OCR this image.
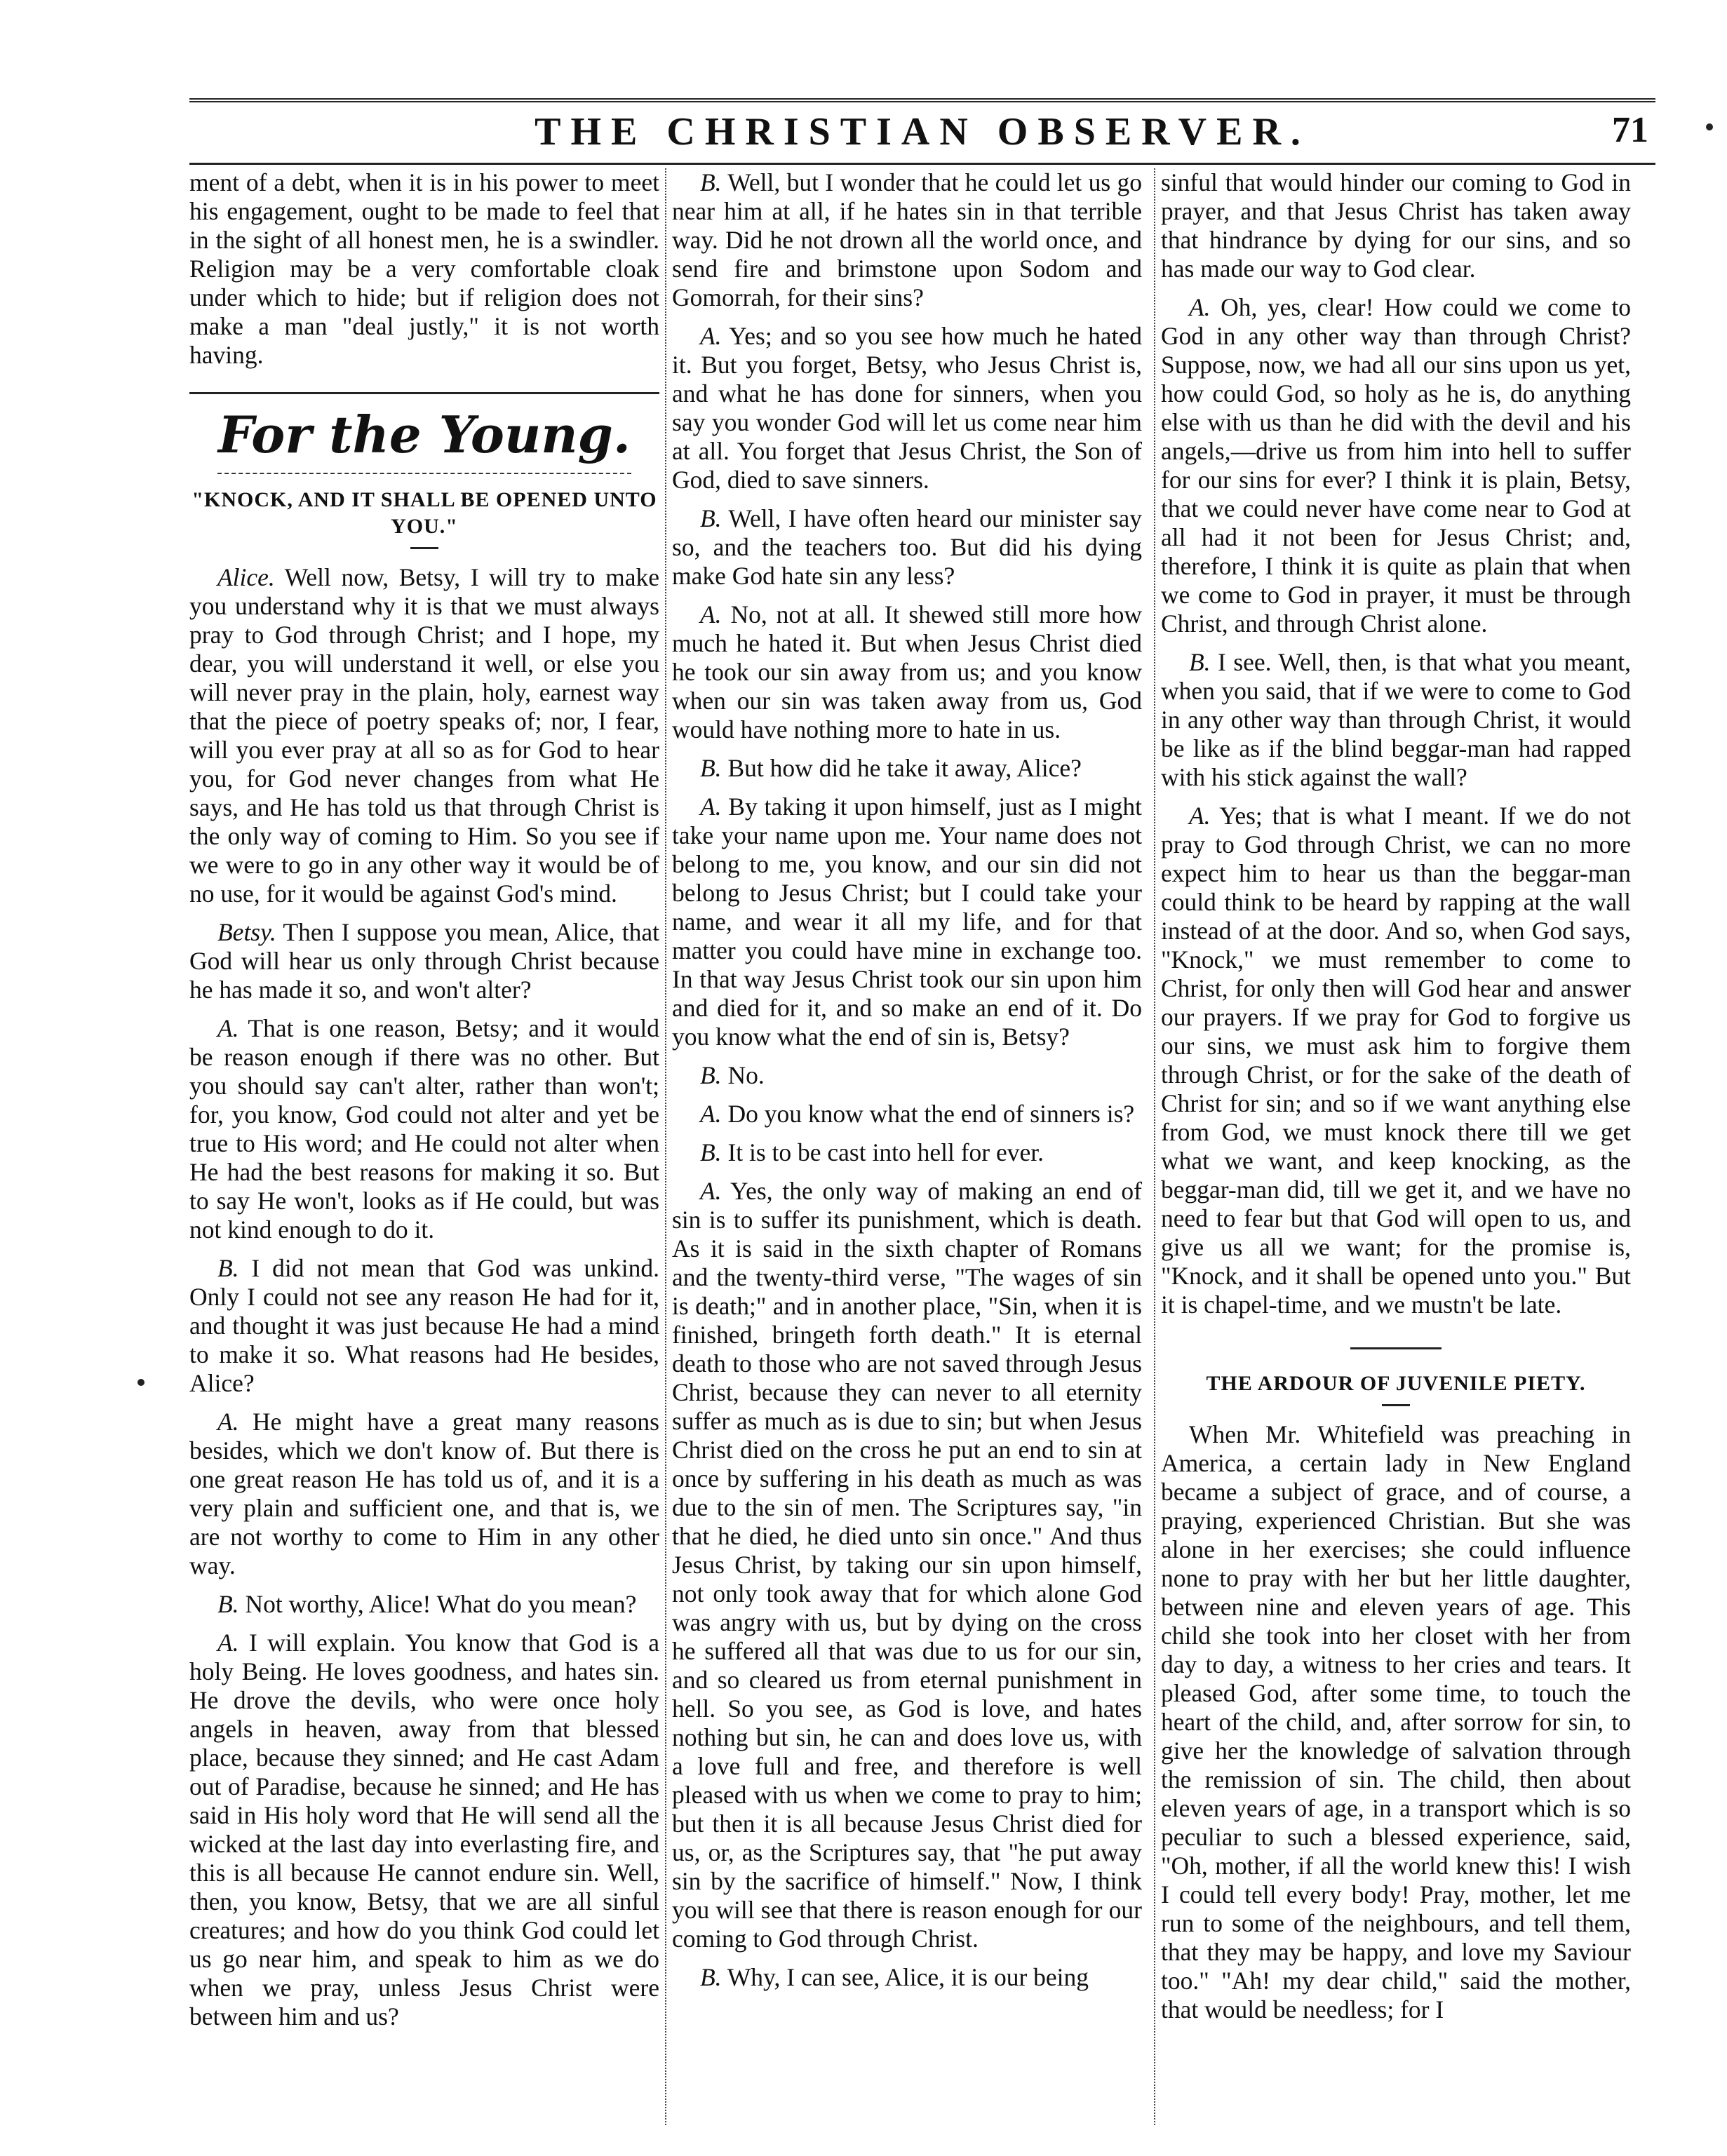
THE CHRISTIAN OBSERVER.	71

ment of a debt, when it is in his power to meet his engagement, ought to be made to feel that in the sight of all honest men, he is a swindler. Religion may be a very comfortable cloak under which to hide; but if religion does not make a man "deal justly," it is not worth having.

For the Young.
"KNOCK, AND IT SHALL BE OPENED UNTO YOU."

Alice. Well now, Betsy, I will try to make you understand why it is that we must always pray to God through Christ; and I hope, my dear, you will understand it well, or else you will never pray in the plain, holy, earnest way that the piece of poetry speaks of; nor, I fear, will you ever pray at all so as for God to hear you, for God never changes from what He says, and He has told us that through Christ is the only way of coming to Him. So you see if we were to go in any other way it would be of no use, for it would be against God's mind.

Betsy. Then I suppose you mean, Alice, that God will hear us only through Christ because he has made it so, and won't alter?

A. That is one reason, Betsy; and it would be reason enough if there was no other. But you should say can't alter, rather than won't; for, you know, God could not alter and yet be true to His word; and He could not alter when He had the best reasons for making it so. But to say He won't, looks as if He could, but was not kind enough to do it.

B. I did not mean that God was unkind. Only I could not see any reason He had for it, and thought it was just because He had a mind to make it so. What reasons had He besides, Alice?

A. He might have a great many reasons besides, which we don't know of. But there is one great reason He has told us of, and it is a very plain and sufficient one, and that is, we are not worthy to come to Him in any other way.

B. Not worthy, Alice! What do you mean?

A. I will explain. You know that God is a holy Being. He loves goodness, and hates sin. He drove the devils, who were once holy angels in heaven, away from that blessed place, because they sinned; and He cast Adam out of Paradise, because he sinned; and He has said in His holy word that He will send all the wicked at the last day into everlasting fire, and this is all because He cannot endure sin. Well, then, you know, Betsy, that we are all sinful creatures; and how do you think God could let us go near him, and speak to him as we do when we pray, unless Jesus Christ were between him and us?

B. Well, but I wonder that he could let us go near him at all, if he hates sin in that terrible way. Did he not drown all the world once, and send fire and brimstone upon Sodom and Gomorrah, for their sins?

A. Yes; and so you see how much he hated it. But you forget, Betsy, who Jesus Christ is, and what he has done for sinners, when you say you wonder God will let us come near him at all. You forget that Jesus Christ, the Son of God, died to save sinners.

B. Well, I have often heard our minister say so, and the teachers too. But did his dying make God hate sin any less?

A. No, not at all. It shewed still more how much he hated it. But when Jesus Christ died he took our sin away from us; and you know when our sin was taken away from us, God would have nothing more to hate in us.

B. But how did he take it away, Alice?

A. By taking it upon himself, just as I might take your name upon me. Your name does not belong to me, you know, and our sin did not belong to Jesus Christ; but I could take your name, and wear it all my life, and for that matter you could have mine in exchange too. In that way Jesus Christ took our sin upon him and died for it, and so make an end of it. Do you know what the end of sin is, Betsy?

B. No.

A. Do you know what the end of sinners is?

B. It is to be cast into hell for ever.

A. Yes, the only way of making an end of sin is to suffer its punishment, which is death. As it is said in the sixth chapter of Romans and the twenty-third verse, "The wages of sin is death;" and in another place, "Sin, when it is finished, bringeth forth death." It is eternal death to those who are not saved through Jesus Christ, because they can never to all eternity suffer as much as is due to sin; but when Jesus Christ died on the cross he put an end to sin at once by suffering in his death as much as was due to the sin of men. The Scriptures say, "in that he died, he died unto sin once." And thus Jesus Christ, by taking our sin upon himself, not only took away that for which alone God was angry with us, but by dying on the cross he suffered all that was due to us for our sin, and so cleared us from eternal punishment in hell. So you see, as God is love, and hates nothing but sin, he can and does love us, with a love full and free, and therefore is well pleased with us when we come to pray to him; but then it is all because Jesus Christ died for us, or, as the Scriptures say, that "he put away sin by the sacrifice of himself." Now, I think you will see that there is reason enough for our coming to God through Christ.

B. Why, I can see, Alice, it is our being

sinful that would hinder our coming to God in prayer, and that Jesus Christ has taken away that hindrance by dying for our sins, and so has made our way to God clear.

A. Oh, yes, clear! How could we come to God in any other way than through Christ? Suppose, now, we had all our sins upon us yet, how could God, so holy as he is, do anything else with us than he did with the devil and his angels,—drive us from him into hell to suffer for our sins for ever? I think it is plain, Betsy, that we could never have come near to God at all had it not been for Jesus Christ; and, therefore, I think it is quite as plain that when we come to God in prayer, it must be through Christ, and through Christ alone.

B. I see. Well, then, is that what you meant, when you said, that if we were to come to God in any other way than through Christ, it would be like as if the blind beggar-man had rapped with his stick against the wall?

A. Yes; that is what I meant. If we do not pray to God through Christ, we can no more expect him to hear us than the beggar-man could think to be heard by rapping at the wall instead of at the door. And so, when God says, "Knock," we must remember to come to Christ, for only then will God hear and answer our prayers. If we pray for God to forgive us our sins, we must ask him to forgive them through Christ, or for the sake of the death of Christ for sin; and so if we want anything else from God, we must knock there till we get what we want, and keep knocking, as the beggar-man did, till we get it, and we have no need to fear but that God will open to us, and give us all we want; for the promise is, "Knock, and it shall be opened unto you." But it is chapel-time, and we mustn't be late.

THE ARDOUR OF JUVENILE PIETY.

When Mr. Whitefield was preaching in America, a certain lady in New England became a subject of grace, and of course, a praying, experienced Christian. But she was alone in her exercises; she could influence none to pray with her but her little daughter, between nine and eleven years of age. This child she took into her closet with her from day to day, a witness to her cries and tears. It pleased God, after some time, to touch the heart of the child, and, after sorrow for sin, to give her the knowledge of salvation through the remission of sin. The child, then about eleven years of age, in a transport which is so peculiar to such a blessed experience, said, "Oh, mother, if all the world knew this! I wish I could tell every body! Pray, mother, let me run to some of the neighbours, and tell them, that they may be happy, and love my Saviour too." "Ah! my dear child," said the mother, that would be needless; for I
